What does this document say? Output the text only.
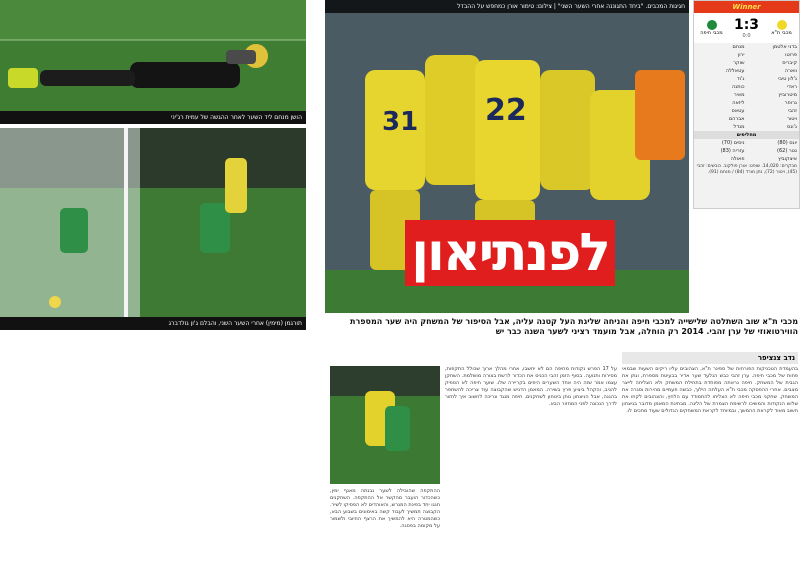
הושן מנחם ליד השער לאחר ההגשה של עמית רג'יני
תורגמן (מימין) אחרי השער השני, והבלם ג'ון גולדברג
31 22
חגיגות המכבים. "ביחד התגוננה אחרי השער השני" | צילום: טימור אורן כמחפש על ההבדל
לפנתיאון
Winner
מכבי ת"א
1:3
0:0
מכבי חיפה
בדני אלטמן
מנחם
פרוטו
ירון
קיבריס
שוקר
ווארה
עטאללה
ג'לון טיבי
ג'וד
ראדי
כותנה
מיטרוביץ
מאיר
גרופר
ליזאה
זהבי
עטאס
ויטור
אברהם
ג'ונס
מנדל
מחליפים
יונס (80)
ניסים (70)
גטר (62)
עזריה (83)
איצקוביץ
פאולה
מבקרים: 14,020. שופט: אורן פולקוב. כובשים: זהבי (45), ויטור (72), נתן מורד (84) / מנחם (91).
מכבי ת"א שוב השתלטה שלישייה למכבי חיפה והניחה שליגת העל קטנה עליה, אבל הסיפור של המשחק היה שער המספרת הווירטואוזי של ערן זהבי. 2014 רק הוחלה, אבל מועמד רציני לשער השנה כבר יש
נדב צנציפר
בהעמדת הטכניקות הפורחות של ספינר ת"א, הצהובים עליו ריקים השעות שבמאי פחות של מכבי חיפה. ערן זהבי כבש הגלעד שער אדיר בבעיטת מספרת, ונתן את הגבית של המשחק. חיפה נראתה מפוחדת בתחילת המשחק ולא הצליחה לייצר מצבים. אחרי ההפסקה מכבי ת"א העלתה הילוך, כבשה פעמיים מהירות וסגרה את המשחק. שחקני מכבי חיפה לא הצליחו להתמודד עם הלחץ, והצהובים לקחו את שלוש הנקודות והמשיכו לרשימת הצמרת של הליגה. מבחינת המאמן מדובר בניצחון חשוב מאוד לקראת ההמשך, ובמיוחד לקראת המשחקים הגדולים שעוד מחכים לו.
על 17 הפרש נקודות מחיפה הם לא יחשבו, אחרי מהלך ארוך שכולל התקפות, מסירות ותנועה. בסוף הזמן זהבי הכניס את הכדור לרשת בצורה מושלמת. השחקן עצמו אמר שזה היה אחד השערים היפים בקריירה שלו. שוער חיפה לא הספיק להגיב, והקהל ביציע פרץ בשירה. המאמן הדגיש שהקבוצה עוד צריכה להשתפר בהגנה, אבל הניצחון נותן ביטחון לשחקנים. חיפה מנגד צריכה לחשוב איך לחזור לדרך הנכונה לפני המחזור הבא.
ההתקפה שהובילה לשער נבנתה מאגף ימין, כשהכדור הועבר מהקשר אל ההתקפה. השחקנים חגגו יחד בפינת המגרש, והאוהדים לא הפסיקו לשיר. הקבוצה תמשיך לעבוד קשה באימונים בשבוע הבא, כשהמטרה היא להמשיך את הרצף החיובי ולשמור על מקומה בפסגה.
